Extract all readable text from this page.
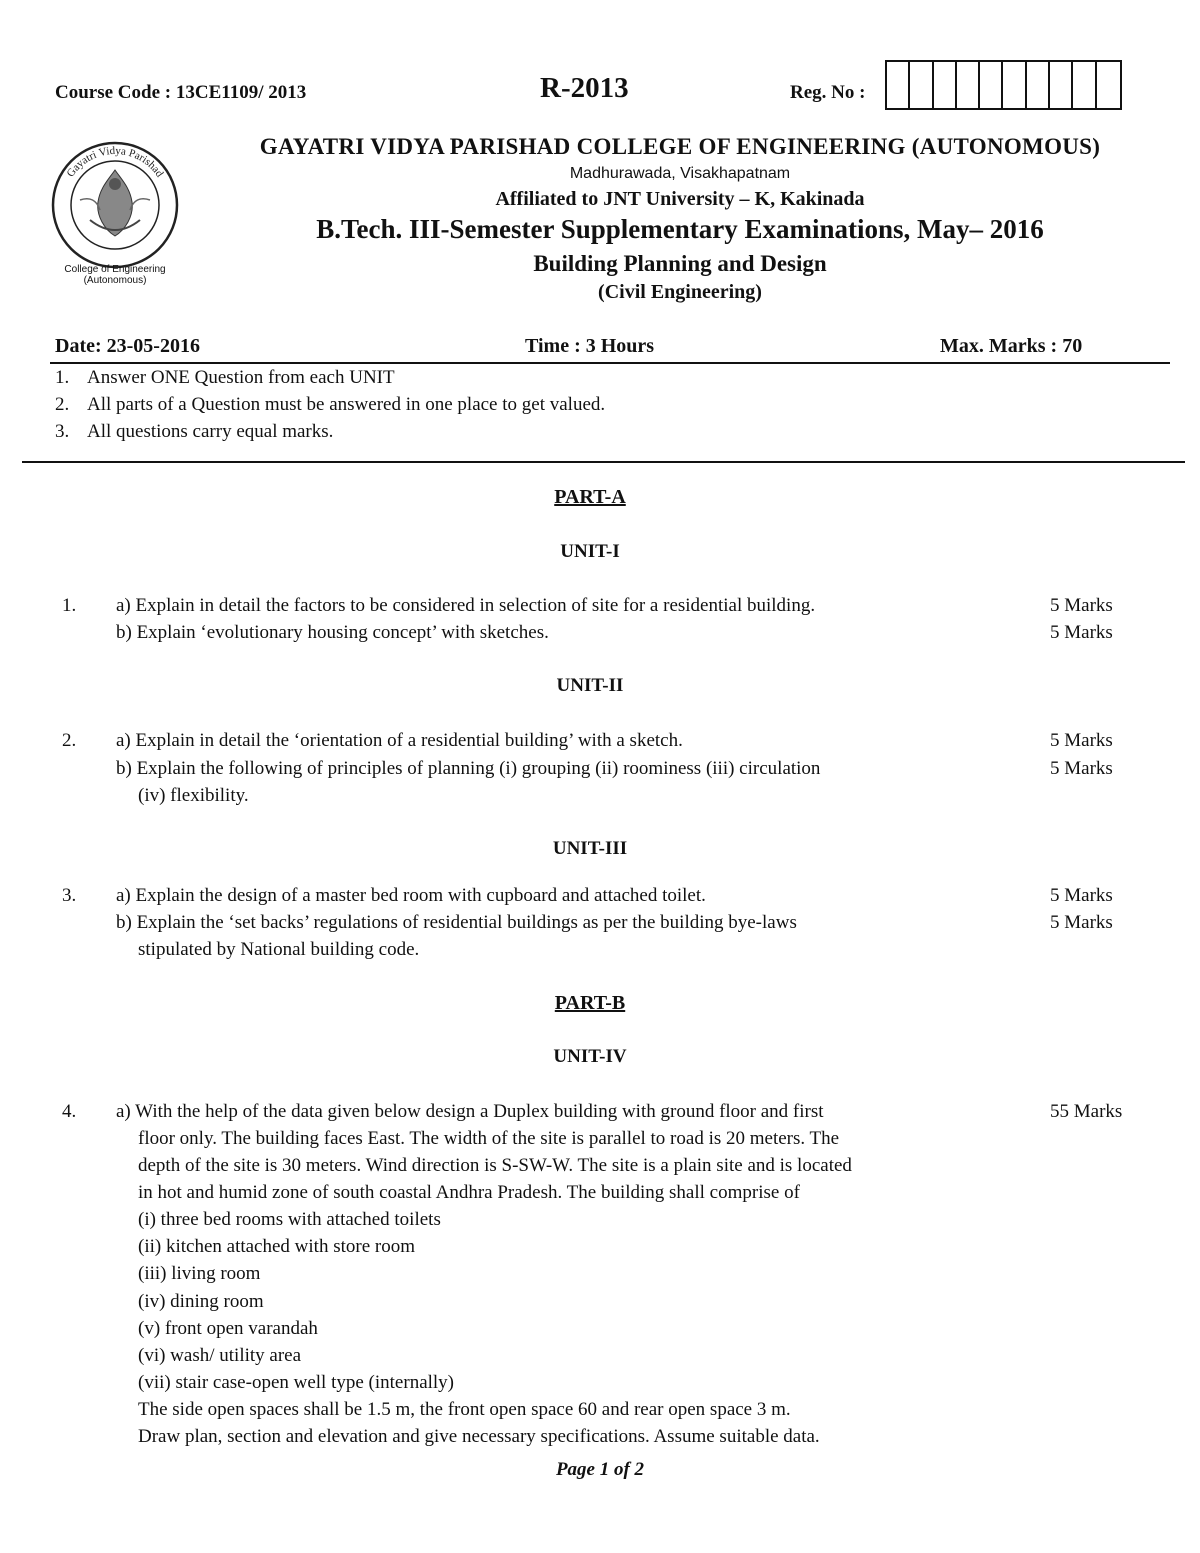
Course Code : 13CE1109/ 2013	R-2013	Reg. No :
Gayatri Vidya Parishad
College of Engineering
(Autonomous)
GAYATRI VIDYA PARISHAD COLLEGE OF ENGINEERING (AUTONOMOUS)
Madhurawada, Visakhapatnam
Affiliated to JNT University – K, Kakinada
B.Tech. III-Semester Supplementary Examinations, May– 2016
Building Planning and Design
(Civil Engineering)
Date: 23-05-2016	Time : 3 Hours	Max. Marks : 70
1. Answer ONE Question from each UNIT
2. All parts of a Question must be answered in one place to get valued.
3. All questions carry equal marks.
PART-A
UNIT-I
1. a) Explain in detail the factors to be considered in selection of site for a residential building.	5 Marks
b) Explain ‘evolutionary housing concept’ with sketches.	5 Marks
UNIT-II
2. a) Explain in detail the ‘orientation of a residential building’ with a sketch.	5 Marks
b) Explain the following of principles of planning (i) grouping (ii) roominess (iii) circulation	5 Marks
(iv) flexibility.
UNIT-III
3. a) Explain the design of a master bed room with cupboard and attached toilet.	5 Marks
b) Explain the ‘set backs’ regulations of residential buildings as per the building bye-laws	5 Marks
stipulated by National building code.
PART-B
UNIT-IV
4. a) With the help of the data given below design a Duplex building with ground floor and first	55 Marks
floor only. The building faces East. The width of the site is parallel to road is 20 meters. The
depth of the site is 30 meters. Wind direction is S-SW-W. The site is a plain site and is located
in hot and humid zone of south coastal Andhra Pradesh. The building shall comprise of
(i) three bed rooms with attached toilets
(ii) kitchen attached with store room
(iii) living room
(iv) dining room
(v) front open varandah
(vi) wash/ utility area
(vii) stair case-open well type (internally)
The side open spaces shall be 1.5 m, the front open space 60 and rear open space 3 m.
Draw plan, section and elevation and give necessary specifications. Assume suitable data.
Page 1 of 2
